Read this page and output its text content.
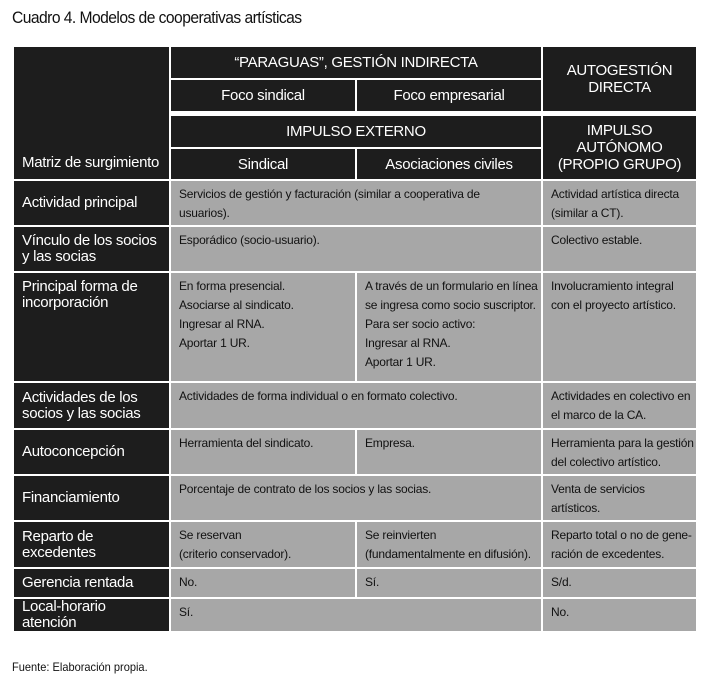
Cuadro 4. Modelos de cooperativas artísticas
Matriz de surgimiento	“PARAGUAS”, GESTIÓN INDIRECTA		AUTOGESTIÓN DIRECTA
	Foco sindical	Foco empresarial	

	IMPULSO EXTERNO		IMPULSO AUTÓNOMO (PROPIO GRUPO)

	Sindical	Asociaciones civiles	
Actividad principal	Servicios de gestión y facturación (similar a cooperativa de usuarios).		Actividad artística directa
(similar a CT).

Vínculo de los socios
y las socias	Esporádico (socio-usuario).		Colectivo estable.

Principal forma de
incorporación	En forma presencial.
Asociarse al sindicato.
Ingresar al RNA.
Aportar 1 UR.	A través de un formulario en línea
se ingresa como socio suscriptor.
Para ser socio activo:
Ingresar al RNA.
Aportar 1 UR.	Involucramiento integral
con el proyecto artístico.

Actividades de los
socios y las socias	Actividades de forma individual o en formato colectivo.		Actividades en colectivo en
el marco de la CA.

Autoconcepción	Herramienta del sindicato.	Empresa.	Herramienta para la gestión
del colectivo artístico.

Financiamiento	Porcentaje de contrato de los socios y las socias.		Venta de servicios
artísticos.

Reparto de excedentes	Se reservan
(criterio conservador).	Se reinvierten
(fundamentalmente en difusión).	Reparto total o no de gene-
ración de excedentes.

Gerencia rentada	No.	Sí.	S/d.
Local-horario atención	Sí.		No.
Fuente: Elaboración propia.
